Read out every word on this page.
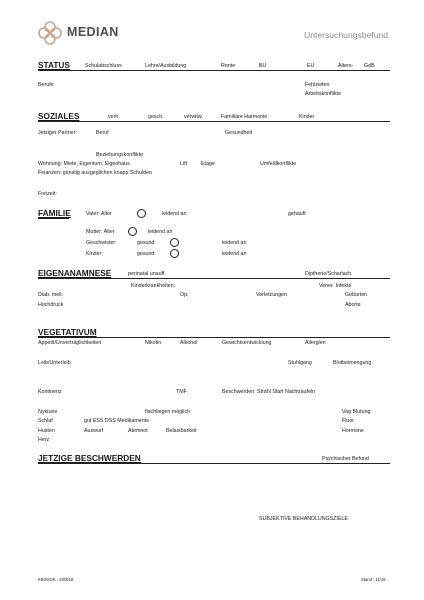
MEDIAN	Untersuchungsbefund
STATUS	Schulabschluss	Lehre/Ausbildung	Rente	BU	EU	Alters- GdB
Berufe	Fehlzeiten
Arbeitskonflikte
SOZIALES	verh.	gesch.	verwitw.	Familiäre Harmonie	Kinder
Jetziger Partner:	Beruf	Gesundheit
Beziehungskonflikte
Wohnung: Miete, Eigentum, Eigenhaus	Lift	Etage	Umfeldkonflikte
Finanzen: günstig ausgeglichen knapp Schulden
Freizeit:
FAMILIE	Vater: Alter	leidend an	gehäuft
Mutter: Alter	leidend an
Geschwister:	gesund	leidend an
Kinder:	gesund	leidend an
EIGENANAMNESE	perinatal unauff.	Diptherie/Scharlach
Kinderkrankheiten:	Vener. Infekte
Diab. mell.	Op.	Verletzungen	Geburten
Hochdruck	Aborte
VEGETATIVUM
Appetit/Unverträglichkeiten	Nikotin	Alkohol	Gewichtsentwicklung	Allergien
Leib/Unterleib	Stuhlgang	Blutbeimengung
Kontinenz	TMF	Beschwerden: Strahl Start Nachträufeln
Nykturie	flachliegen möglich	Vag Blutung
Schlaf	gut ESS DSS Medikamente	Fluor
Husten	Auswurf	Atemnot	Belastbarkeit	Hormone
Herz
JETZIGE BESCHWERDEN	Psychischer Befund
SUBJEKTIVE BEHANDLUNGSZIELE
KBOSOK - 200518	Stand : 11/19
